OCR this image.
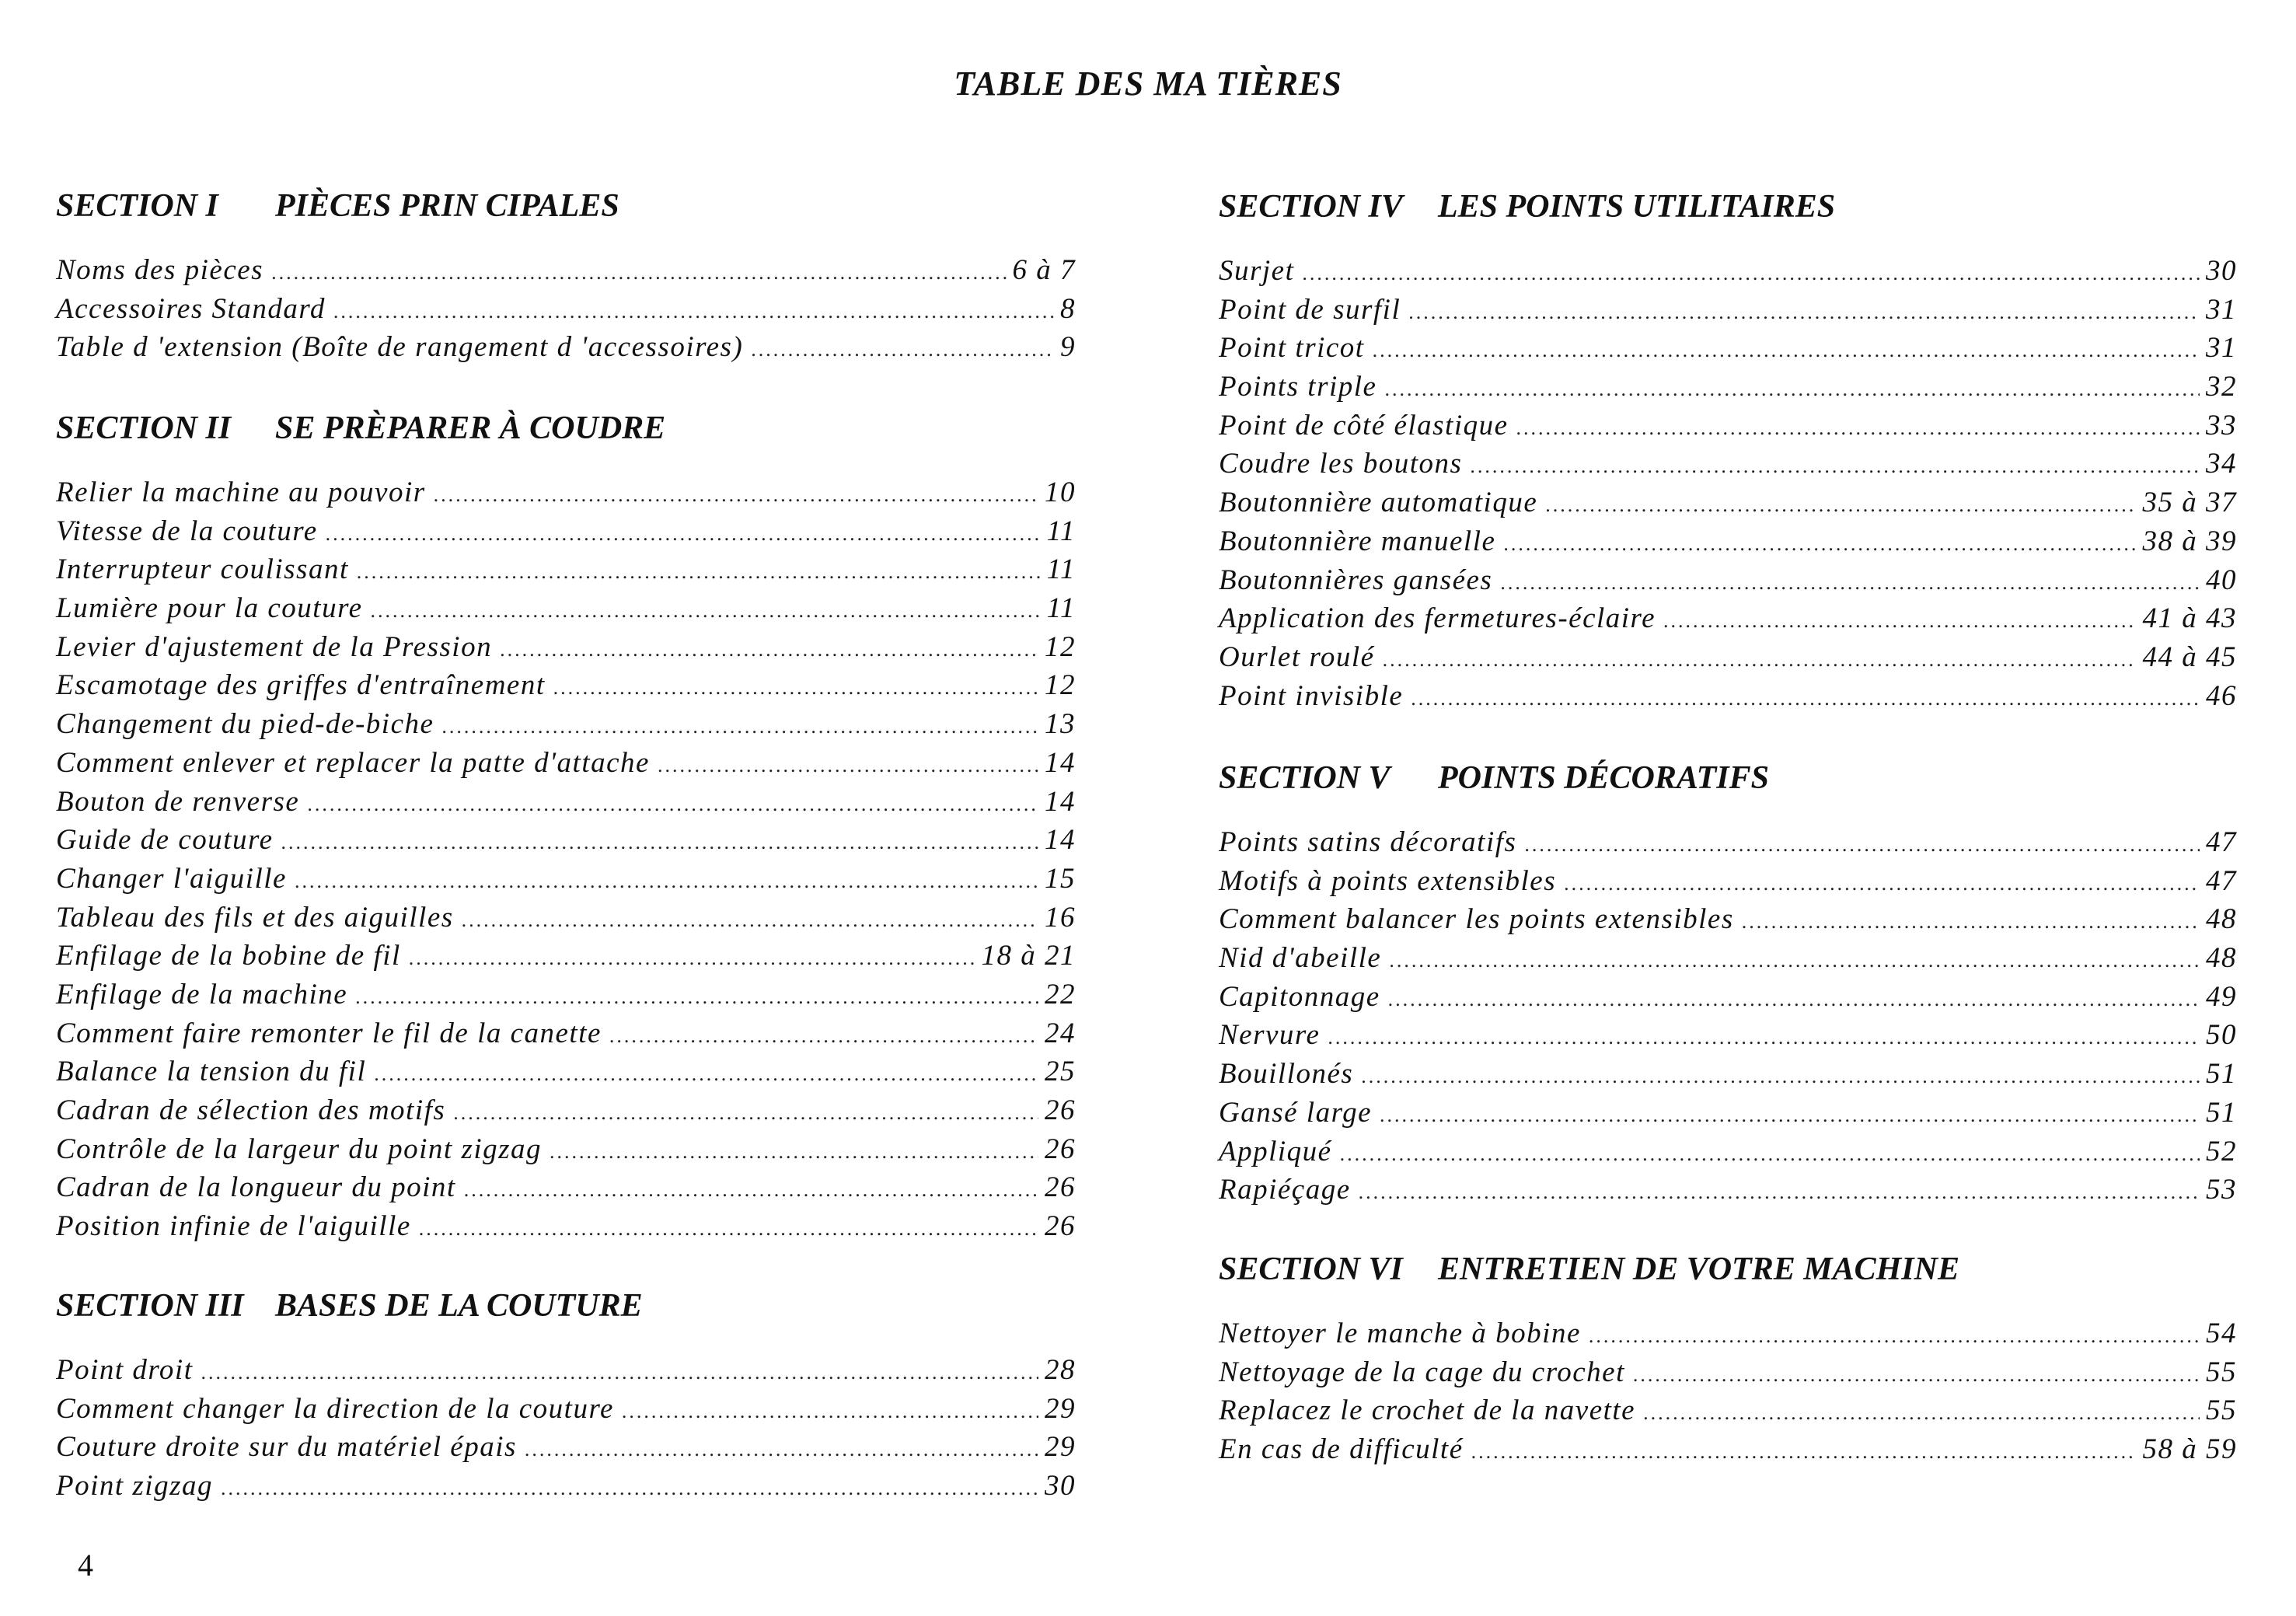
TABLE DES MA TIÈRES
SECTION I PIÈCES PRIN CIPALES
Noms des pièces .....	6 à 7
Accessoires Standard .....	8
Table d 'extension (Boîte de rangement d 'accessoires) .....	9
SECTION II SE PRÈPARER À COUDRE
Relier la machine au pouvoir .....	10
Vitesse de la couture .....	11
Interrupteur coulissant .....	11
Lumière pour la couture .....	11
Levier d'ajustement de la Pression .....	12
Escamotage des griffes d'entraînement .....	12
Changement du pied-de-biche .....	13
Comment enlever et replacer la patte d'attache .....	14
Bouton de renverse .....	14
Guide de couture .....	14
Changer l'aiguille .....	15
Tableau des fils et des aiguilles .....	16
Enfilage de la bobine de fil .....	18 à 21
Enfilage de la machine .....	22
Comment faire remonter le fil de la canette .....	24
Balance la tension du fil .....	25
Cadran de sélection des motifs .....	26
Contrôle de la largeur du point zigzag .....	26
Cadran de la longueur du point .....	26
Position infinie de l'aiguille .....	26
SECTION III BASES DE LA COUTURE
Point droit .....	28
Comment changer la direction de la couture .....	29
Couture droite sur du matériel épais .....	29
Point zigzag .....	30
SECTION IV LES POINTS UTILITAIRES
Surjet .....	30
Point de surfil .....	31
Point tricot .....	31
Points triple .....	32
Point de côté élastique .....	33
Coudre les boutons .....	34
Boutonnière automatique .....	35 à 37
Boutonnière manuelle .....	38 à 39
Boutonnières gansées .....	40
Application des fermetures-éclaire .....	41 à 43
Ourlet roulé .....	44 à 45
Point invisible .....	46
SECTION V POINTS DÉCORATIFS
Points satins décoratifs .....	47
Motifs à points extensibles .....	47
Comment balancer les points extensibles .....	48
Nid d'abeille .....	48
Capitonnage .....	49
Nervure .....	50
Bouillonés .....	51
Gansé large .....	51
Appliqué .....	52
Rapiéçage .....	53
SECTION VI ENTRETIEN DE VOTRE MACHINE
Nettoyer le manche à bobine .....	54
Nettoyage de la cage du crochet .....	55
Replacez le crochet de la navette .....	55
En cas de difficulté .....	58 à 59
4
